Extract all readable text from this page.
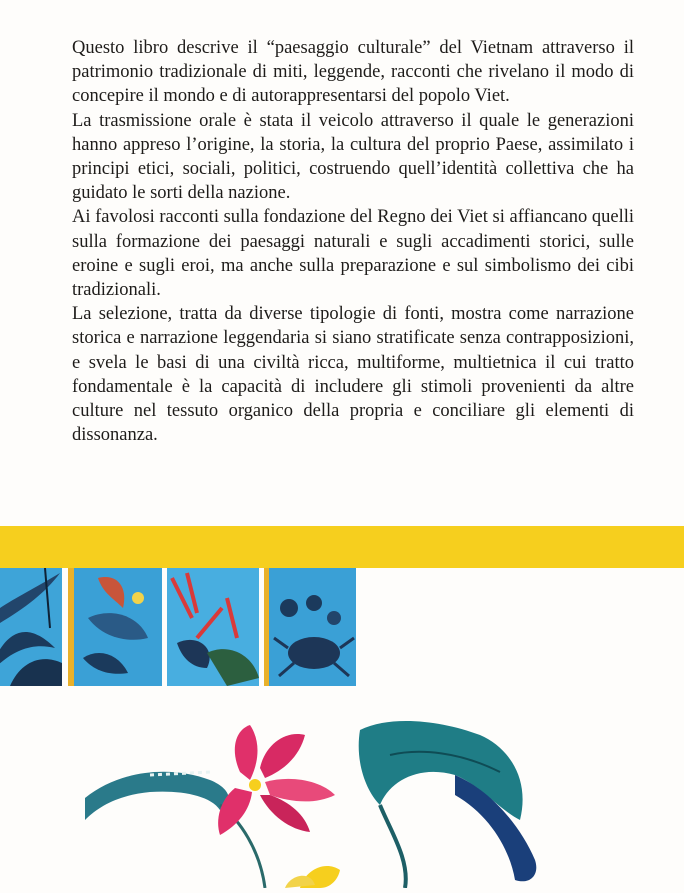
Questo libro descrive il “paesaggio culturale” del Vietnam attraverso il patrimonio tradizionale di miti, leggende, racconti che rivelano il modo di concepire il mondo e di autorappresentarsi del popolo Viet.

La trasmissione orale è stata il veicolo attraverso il quale le generazioni hanno appreso l’origine, la storia, la cultura del proprio Paese, assimilato i principi etici, sociali, politici, costruendo quell’identità collettiva che ha guidato le sorti della nazione.

Ai favolosi racconti sulla fondazione del Regno dei Viet si affiancano quelli sulla formazione dei paesaggi naturali e sugli accadimenti storici, sulle eroine e sugli eroi, ma anche sulla preparazione e sul simbolismo dei cibi tradizionali.

La selezione, tratta da diverse tipologie di fonti, mostra come narrazione storica e narrazione leggendaria si siano stratificate senza contrapposizioni, e svela le basi di una civiltà ricca, multiforme, multietnica il cui tratto fondamentale è la capacità di includere gli stimoli provenienti da altre culture nel tessuto organico della propria e conciliare gli elementi di dissonanza.
